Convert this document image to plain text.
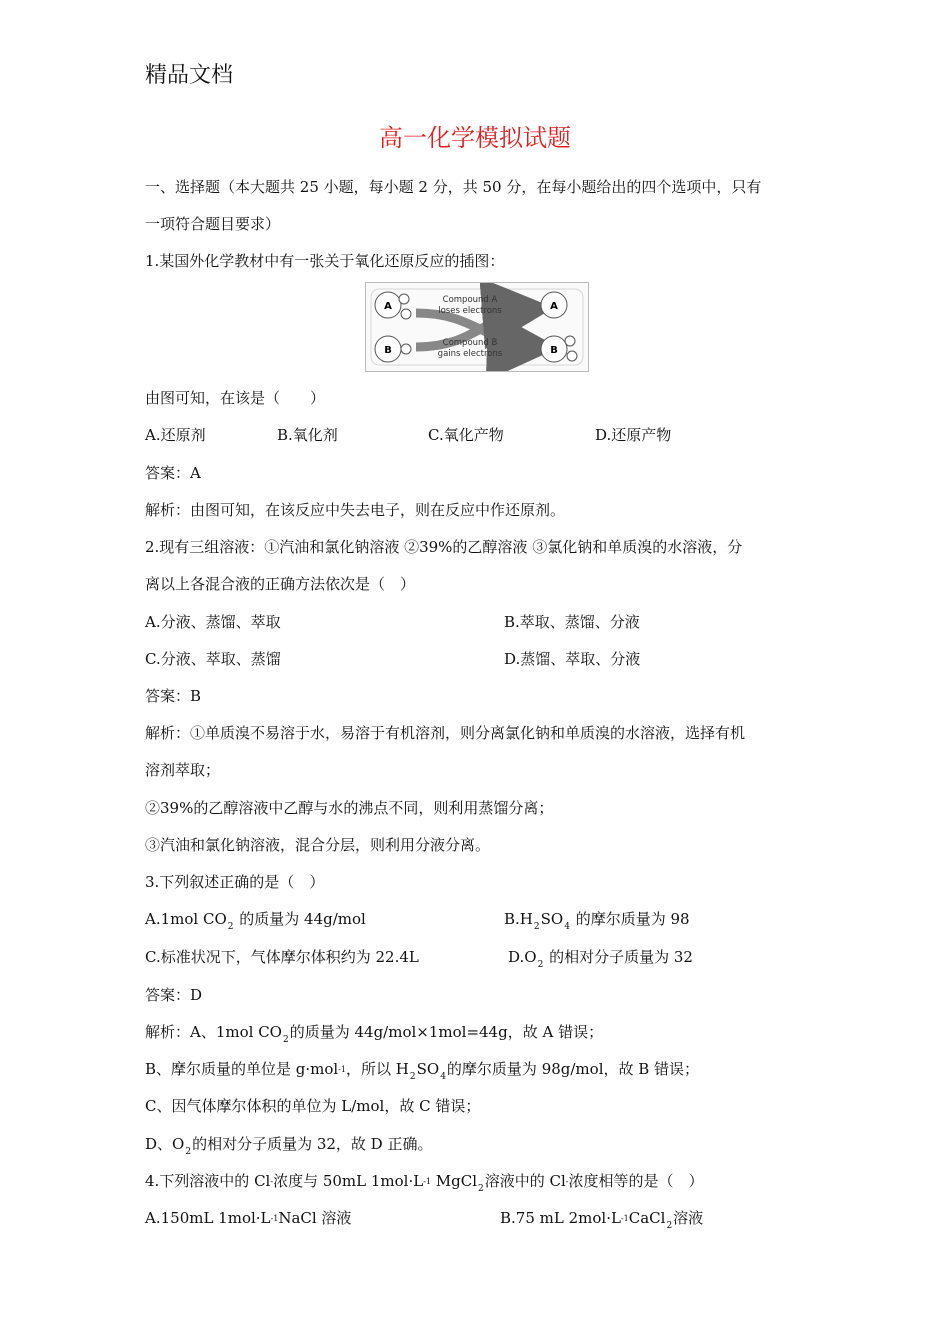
精品文档
高一化学模拟试题
一、选择题（本大题共 25 小题，每小题 2 分，共 50 分，在每小题给出的四个选项中，只有
一项符合题目要求）
1.某国外化学教材中有一张关于氧化还原反应的插图：
A
B
A
B
Compound A
loses electrons
Compound B
gains electrons
由图可知，在该是（　　）
A.还原剂	B.氧化剂	C.氧化产物	D.还原产物
答案：A
解析：由图可知，在该反应中失去电子，则在反应中作还原剂。
2.现有三组溶液：①汽油和氯化钠溶液 ②39%的乙醇溶液 ③氯化钠和单质溴的水溶液，分
离以上各混合液的正确方法依次是（　）
A.分液、蒸馏、萃取	B.萃取、蒸馏、分液
C.分液、萃取、蒸馏	D.蒸馏、萃取、分液
答案：B
解析：①单质溴不易溶于水，易溶于有机溶剂，则分离氯化钠和单质溴的水溶液，选择有机
溶剂萃取；
②39%的乙醇溶液中乙醇与水的沸点不同，则利用蒸馏分离；
③汽油和氯化钠溶液，混合分层，则利用分液分离。
3.下列叙述正确的是（　）
A.1mol $CO_2$ 的质量为 44g/mol	$B.H_2SO_4$ 的摩尔质量为 98
C.标准状况下，气体摩尔体积约为 22.4L	$D.O_2$ 的相对分子质量为 32
答案：D
解析：A、1mol $CO_2$的质量为 44g/mol×1mol=44g，故 A 错误；
B、摩尔质量的单位是 g·mol$^{-1}$，所以 $H_2SO_4$的摩尔质量为 98g/mol，故 B 错误；
C、因气体摩尔体积的单位为 L/mol，故 C 错误；
D、$O_2$的相对分子质量为 32，故 D 正确。
4.下列溶液中的 Cl-浓度与 50mL $1mol\cdot L^{-1}$ MgCl$_2$溶液中的 Cl-浓度相等的是（　）
A.150mL $1mol\cdot L^{-1}NaCl$ 溶液	B.75 mL $2mol\cdot L^{-1}CaCl_2$溶液
